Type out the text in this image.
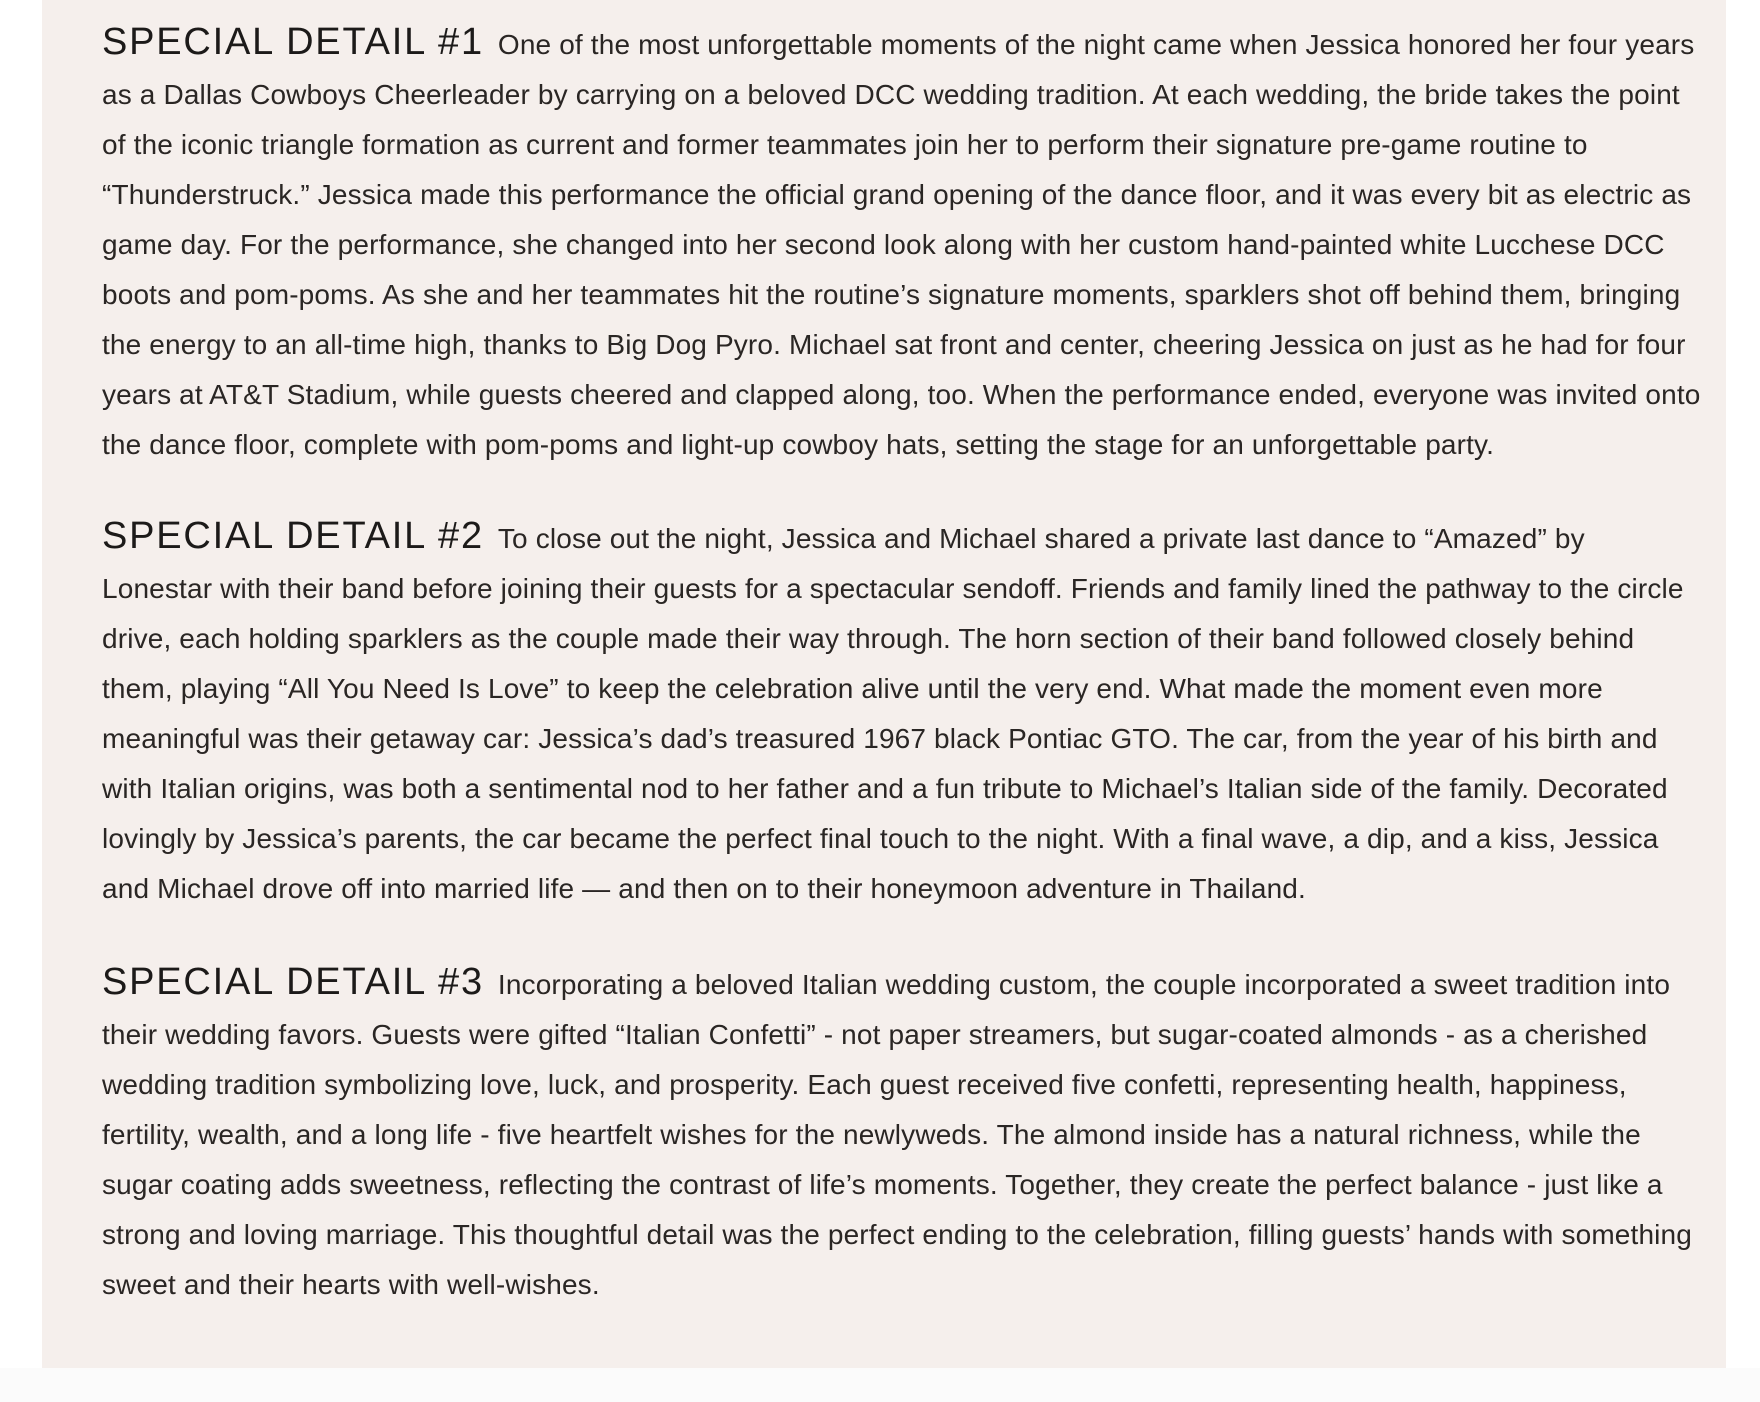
SPECIAL DETAIL #1 One of the most unforgettable moments of the night came when Jessica honored her four years as a Dallas Cowboys Cheerleader by carrying on a beloved DCC wedding tradition. At each wedding, the bride takes the point of the iconic triangle formation as current and former teammates join her to perform their signature pre-game routine to “Thunderstruck.” Jessica made this performance the official grand opening of the dance floor, and it was every bit as electric as game day. For the performance, she changed into her second look along with her custom hand-painted white Lucchese DCC boots and pom-poms. As she and her teammates hit the routine’s signature moments, sparklers shot off behind them, bringing the energy to an all-time high, thanks to Big Dog Pyro. Michael sat front and center, cheering Jessica on just as he had for four years at AT&T Stadium, while guests cheered and clapped along, too. When the performance ended, everyone was invited onto the dance floor, complete with pom-poms and light-up cowboy hats, setting the stage for an unforgettable party.

SPECIAL DETAIL #2 To close out the night, Jessica and Michael shared a private last dance to “Amazed” by Lonestar with their band before joining their guests for a spectacular sendoff. Friends and family lined the pathway to the circle drive, each holding sparklers as the couple made their way through. The horn section of their band followed closely behind them, playing “All You Need Is Love” to keep the celebration alive until the very end. What made the moment even more meaningful was their getaway car: Jessica’s dad’s treasured 1967 black Pontiac GTO. The car, from the year of his birth and with Italian origins, was both a sentimental nod to her father and a fun tribute to Michael’s Italian side of the family. Decorated lovingly by Jessica’s parents, the car became the perfect final touch to the night. With a final wave, a dip, and a kiss, Jessica and Michael drove off into married life — and then on to their honeymoon adventure in Thailand.

SPECIAL DETAIL #3 Incorporating a beloved Italian wedding custom, the couple incorporated a sweet tradition into their wedding favors. Guests were gifted “Italian Confetti” - not paper streamers, but sugar-coated almonds - as a cherished wedding tradition symbolizing love, luck, and prosperity. Each guest received five confetti, representing health, happiness, fertility, wealth, and a long life - five heartfelt wishes for the newlyweds. The almond inside has a natural richness, while the sugar coating adds sweetness, reflecting the contrast of life’s moments. Together, they create the perfect balance - just like a strong and loving marriage. This thoughtful detail was the perfect ending to the celebration, filling guests’ hands with something sweet and their hearts with well-wishes.
